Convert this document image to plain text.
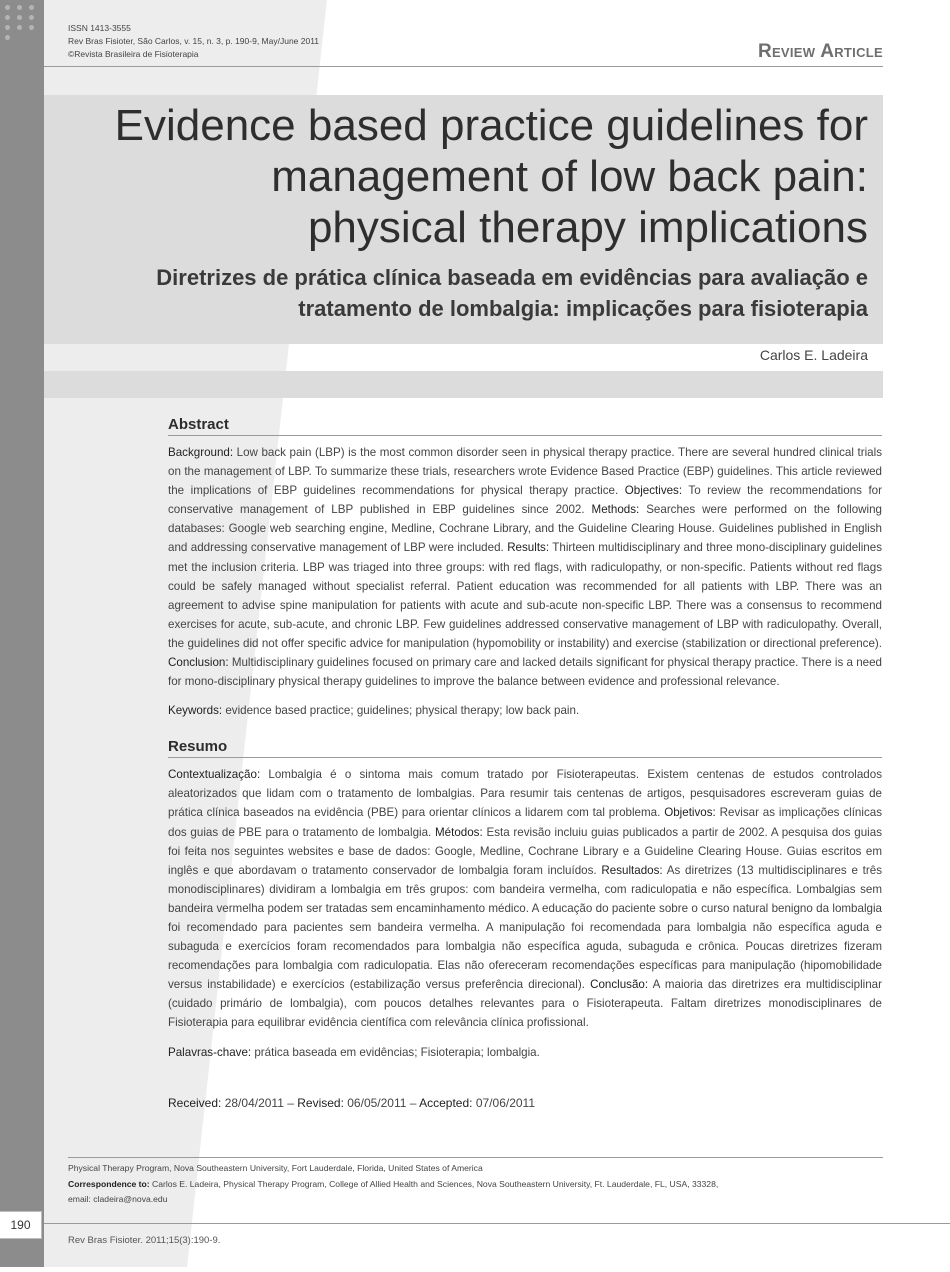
190
ISSN 1413-3555
Rev Bras Fisioter, São Carlos, v. 15, n. 3, p. 190-9, May/June 2011
©Revista Brasileira de Fisioterapia	Review Article
Evidence based practice guidelines for management of low back pain: physical therapy implications
Diretrizes de prática clínica baseada em evidências para avaliação e tratamento de lombalgia: implicações para fisioterapia
Carlos E. Ladeira
Abstract

Background: Low back pain (LBP) is the most common disorder seen in physical therapy practice. There are several hundred clinical trials on the management of LBP. To summarize these trials, researchers wrote Evidence Based Practice (EBP) guidelines. This article reviewed the implications of EBP guidelines recommendations for physical therapy practice. Objectives: To review the recommendations for conservative management of LBP published in EBP guidelines since 2002. Methods: Searches were performed on the following databases: Google web searching engine, Medline, Cochrane Library, and the Guideline Clearing House. Guidelines published in English and addressing conservative management of LBP were included. Results: Thirteen multidisciplinary and three mono-disciplinary guidelines met the inclusion criteria. LBP was triaged into three groups: with red flags, with radiculopathy, or non-specific. Patients without red flags could be safely managed without specialist referral. Patient education was recommended for all patients with LBP. There was an agreement to advise spine manipulation for patients with acute and sub-acute non-specific LBP. There was a consensus to recommend exercises for acute, sub-acute, and chronic LBP. Few guidelines addressed conservative management of LBP with radiculopathy. Overall, the guidelines did not offer specific advice for manipulation (hypomobility or instability) and exercise (stabilization or directional preference). Conclusion: Multidisciplinary guidelines focused on primary care and lacked details significant for physical therapy practice. There is a need for mono-disciplinary physical therapy guidelines to improve the balance between evidence and professional relevance.

Keywords: evidence based practice; guidelines; physical therapy; low back pain.

Resumo

Contextualização: Lombalgia é o sintoma mais comum tratado por Fisioterapeutas. Existem centenas de estudos controlados aleatorizados que lidam com o tratamento de lombalgias. Para resumir tais centenas de artigos, pesquisadores escreveram guias de prática clínica baseados na evidência (PBE) para orientar clínicos a lidarem com tal problema. Objetivos: Revisar as implicações clínicas dos guias de PBE para o tratamento de lombalgia. Métodos: Esta revisão incluiu guias publicados a partir de 2002. A pesquisa dos guias foi feita nos seguintes websites e base de dados: Google, Medline, Cochrane Library e a Guideline Clearing House. Guias escritos em inglês e que abordavam o tratamento conservador de lombalgia foram incluídos. Resultados: As diretrizes (13 multidisciplinares e três monodisciplinares) dividiram a lombalgia em três grupos: com bandeira vermelha, com radiculopatia e não específica. Lombalgias sem bandeira vermelha podem ser tratadas sem encaminhamento médico. A educação do paciente sobre o curso natural benigno da lombalgia foi recomendado para pacientes sem bandeira vermelha. A manipulação foi recomendada para lombalgia não específica aguda e subaguda e exercícios foram recomendados para lombalgia não específica aguda, subaguda e crônica. Poucas diretrizes fizeram recomendações para lombalgia com radiculopatia. Elas não ofereceram recomendações específicas para manipulação (hipomobilidade versus instabilidade) e exercícios (estabilização versus preferência direcional). Conclusão: A maioria das diretrizes era multidisciplinar (cuidado primário de lombalgia), com poucos detalhes relevantes para o Fisioterapeuta. Faltam diretrizes monodisciplinares de Fisioterapia para equilibrar evidência científica com relevância clínica profissional.

Palavras-chave: prática baseada em evidências; Fisioterapia; lombalgia.

Received: 28/04/2011 – Revised: 06/05/2011 – Accepted: 07/06/2011
Physical Therapy Program, Nova Southeastern University, Fort Lauderdale, Florida, United States of America
Correspondence to: Carlos E. Ladeira, Physical Therapy Program, College of Allied Health and Sciences, Nova Southeastern University, Ft. Lauderdale, FL, USA, 33328,
email: cladeira@nova.edu
Rev Bras Fisioter. 2011;15(3):190-9.
